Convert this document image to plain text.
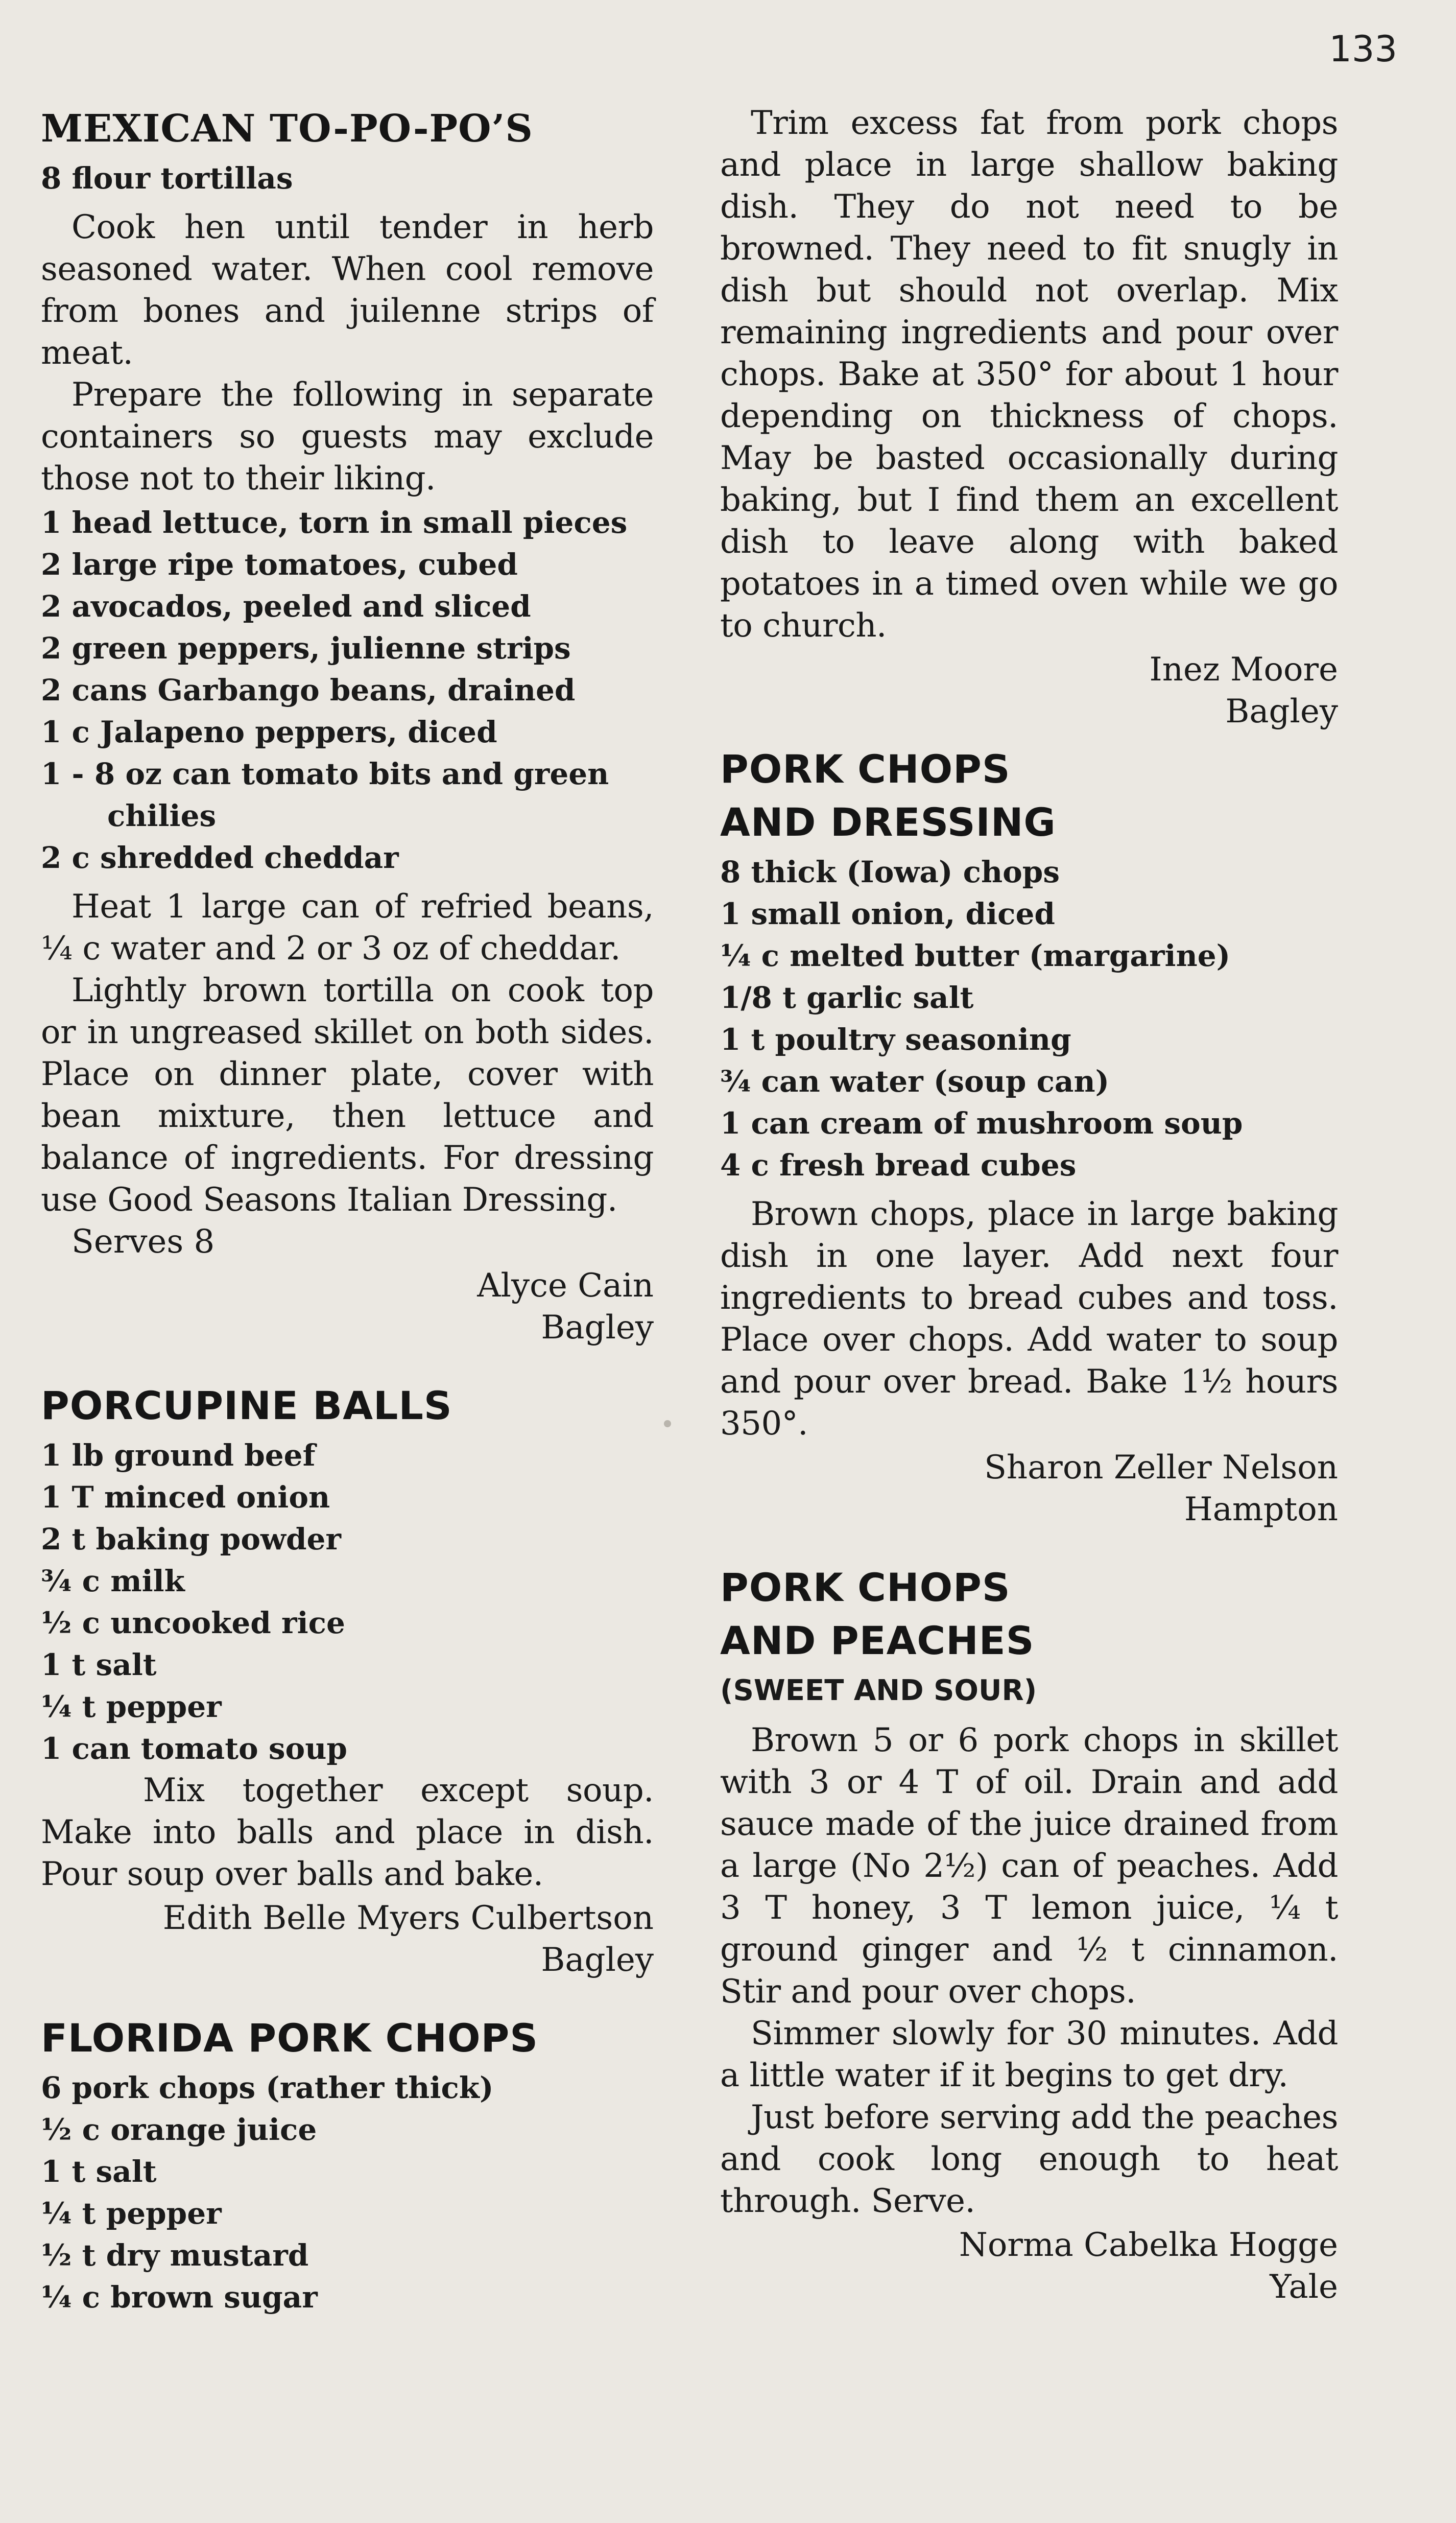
133
MEXICAN TO-PO-PO’S
8 flour tortillas

Cook hen until tender in herb seasoned water. When cool remove from bones and juilenne strips of meat.

Prepare the following in separate containers so guests may exclude those not to their liking.

1 head lettuce, torn in small pieces
2 large ripe tomatoes, cubed
2 avocados, peeled and sliced
2 green peppers, julienne strips
2 cans Garbango beans, drained
1 c Jalapeno peppers, diced
1 - 8 oz can tomato bits and green chilies
2 c shredded cheddar

Heat 1 large can of refried beans, ¼ c water and 2 or 3 oz of cheddar.

Lightly brown tortilla on cook top or in ungreased skillet on both sides. Place on dinner plate, cover with bean mixture, then lettuce and balance of ingredients. For dressing use Good Seasons Italian Dressing.

Serves 8

Alyce Cain

Bagley

PORCUPINE BALLS
1 lb ground beef
1 T minced onion
2 t baking powder
¾ c milk
½ c uncooked rice
1 t salt
¼ t pepper
1 can tomato soup

Mix together except soup. Make into balls and place in dish. Pour soup over balls and bake.

Edith Belle Myers Culbertson

Bagley

FLORIDA PORK CHOPS
6 pork chops (rather thick)
½ c orange juice
1 t salt
¼ t pepper
½ t dry mustard
¼ c brown sugar

Trim excess fat from pork chops and place in large shallow baking dish. They do not need to be browned. They need to fit snugly in dish but should not overlap. Mix remaining ingredients and pour over chops. Bake at 350° for about 1 hour depending on thickness of chops. May be basted occasionally during baking, but I find them an excellent dish to leave along with baked potatoes in a timed oven while we go to church.

Inez Moore

Bagley

PORK CHOPS
AND DRESSING
8 thick (Iowa) chops
1 small onion, diced
¼ c melted butter (margarine)
1/8 t garlic salt
1 t poultry seasoning
¾ can water (soup can)
1 can cream of mushroom soup
4 c fresh bread cubes

Brown chops, place in large baking dish in one layer. Add next four ingredients to bread cubes and toss. Place over chops. Add water to soup and pour over bread. Bake 1½ hours 350°.

Sharon Zeller Nelson

Hampton

PORK CHOPS
AND PEACHES

(SWEET AND SOUR)

Brown 5 or 6 pork chops in skillet with 3 or 4 T of oil. Drain and add sauce made of the juice drained from a large (No 2½) can of peaches. Add 3 T honey, 3 T lemon juice, ¼ t ground ginger and ½ t cinnamon. Stir and pour over chops.

Simmer slowly for 30 minutes. Add a little water if it begins to get dry.

Just before serving add the peaches and cook long enough to heat through. Serve.

Norma Cabelka Hogge

Yale
